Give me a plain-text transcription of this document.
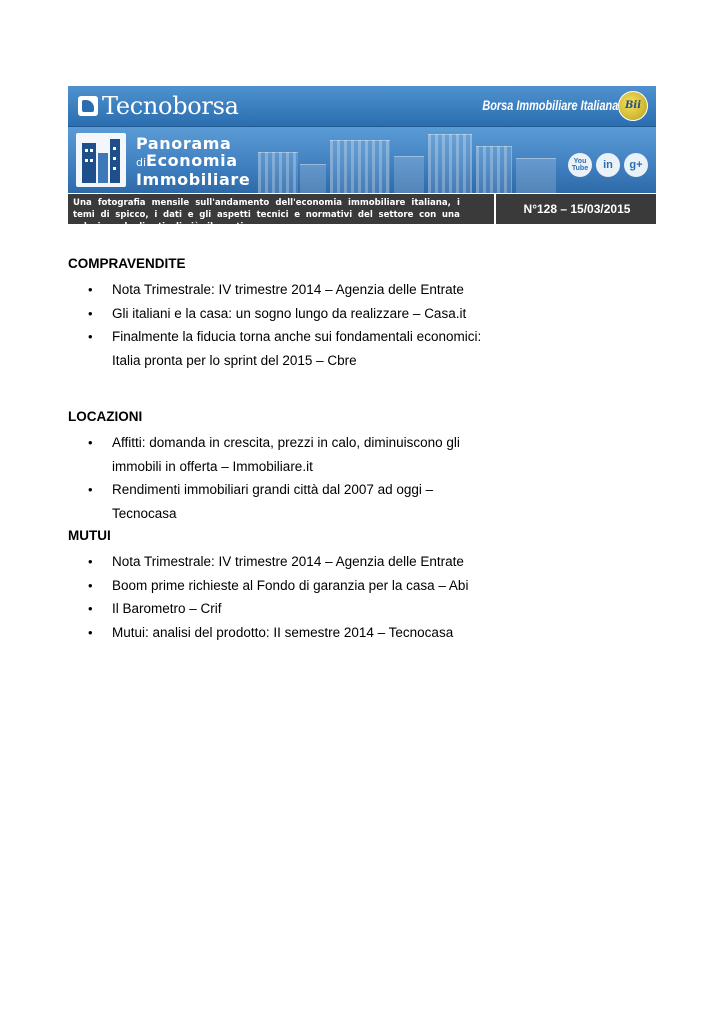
Tecnoborsa	Borsa Immobiliare Italiana Bii
Panorama
diEconomia
Immobiliare
You Tube	in g+
Una fotografia mensile sull'andamento dell'economia immobiliare italiana, i temi di spicco, i dati e gli aspetti tecnici e normativi del settore con una selezione degli articoli più rilevanti
N°128 – 15/03/2015
COMPRAVENDITE
• Nota Trimestrale: IV trimestre 2014 – Agenzia delle Entrate
• Gli italiani e la casa: un sogno lungo da realizzare – Casa.it
• Finalmente la fiducia torna anche sui fondamentali economici: Italia pronta per lo sprint del 2015 – Cbre
LOCAZIONI
• Affitti: domanda in crescita, prezzi in calo, diminuiscono gli immobili in offerta – Immobiliare.it
• Rendimenti immobiliari grandi città dal 2007 ad oggi – Tecnocasa
MUTUI
• Nota Trimestrale: IV trimestre 2014 – Agenzia delle Entrate
• Boom prime richieste al Fondo di garanzia per la casa – Abi
• Il Barometro – Crif
• Mutui: analisi del prodotto: II semestre 2014 – Tecnocasa
